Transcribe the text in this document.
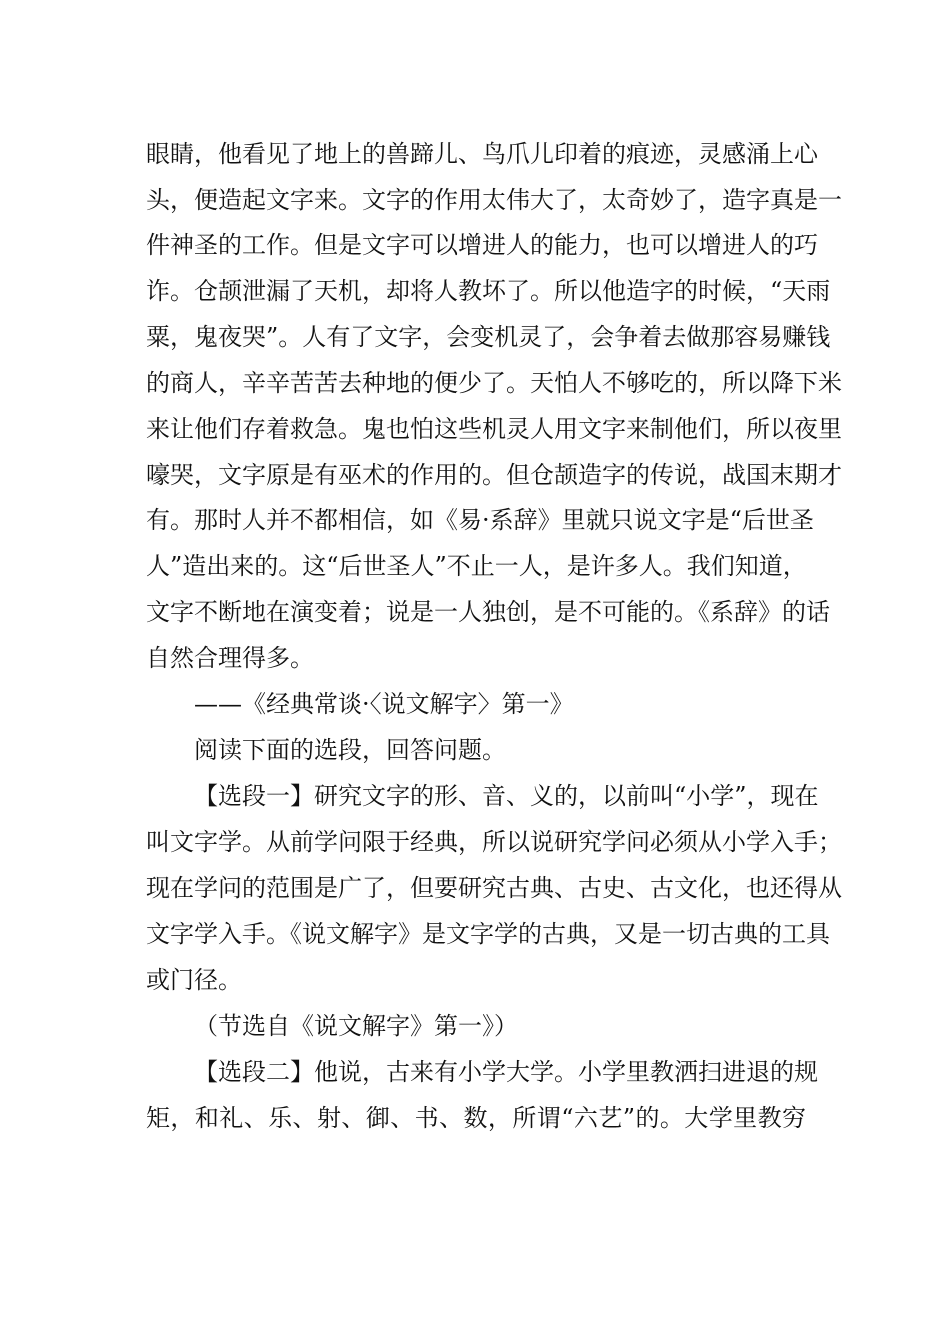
眼睛，他看见了地上的兽蹄儿、鸟爪儿印着的痕迹，灵感涌上心
头，便造起文字来。文字的作用太伟大了，太奇妙了，造字真是一
件神圣的工作。但是文字可以增进人的能力，也可以增进人的巧
诈。仓颉泄漏了天机，却将人教坏了。所以他造字的时候，“天雨
粟，鬼夜哭”。人有了文字，会变机灵了，会争着去做那容易赚钱
的商人，辛辛苦苦去种地的便少了。天怕人不够吃的，所以降下米
来让他们存着救急。鬼也怕这些机灵人用文字来制他们，所以夜里
嚎哭，文字原是有巫术的作用的。但仓颉造字的传说，战国末期才
有。那时人并不都相信，如《易·系辞》里就只说文字是“后世圣
人”造出来的。这“后世圣人”不止一人，是许多人。我们知道，
文字不断地在演变着；说是一人独创，是不可能的。《系辞》的话
自然合理得多。
——《经典常谈·〈说文解字〉第一》
阅读下面的选段，回答问题。
【选段一】研究文字的形、音、义的，以前叫“小学”，现在
叫文字学。从前学问限于经典，所以说研究学问必须从小学入手；
现在学问的范围是广了，但要研究古典、古史、古文化，也还得从
文字学入手。《说文解字》是文字学的古典，又是一切古典的工具
或门径。
（节选自《说文解字》第一》）
【选段二】他说，古来有小学大学。小学里教洒扫进退的规
矩，和礼、乐、射、御、书、数，所谓“六艺”的。大学里教穷
